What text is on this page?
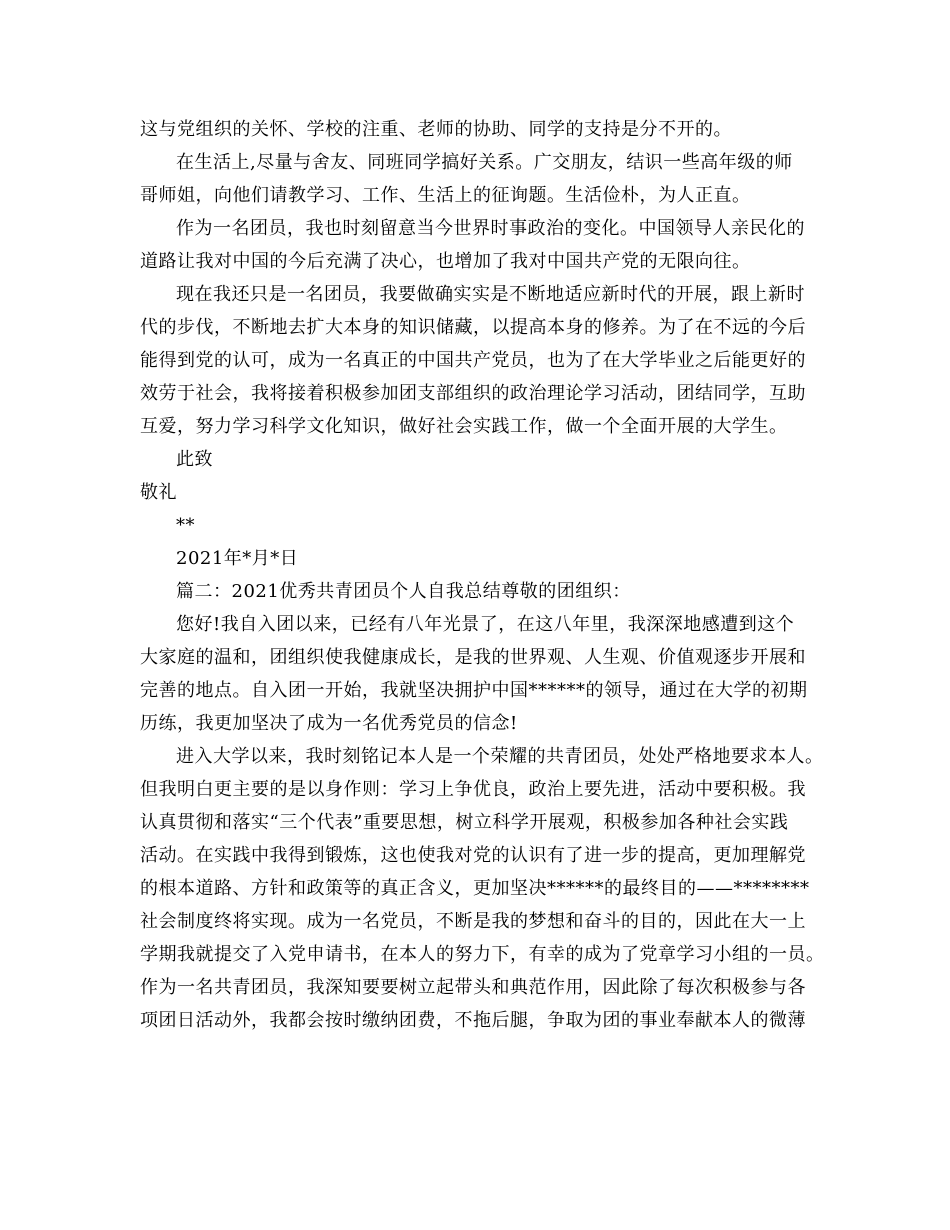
这与党组织的关怀、学校的注重、老师的协助、同学的支持是分不开的。
在生活上,尽量与舍友、同班同学搞好关系。广交朋友，结识一些高年级的师
哥师姐，向他们请教学习、工作、生活上的征询题。生活俭朴，为人正直。
作为一名团员，我也时刻留意当今世界时事政治的变化。中国领导人亲民化的
道路让我对中国的今后充满了决心，也增加了我对中国共产党的无限向往。
现在我还只是一名团员，我要做确实实是不断地适应新时代的开展，跟上新时
代的步伐，不断地去扩大本身的知识储藏，以提高本身的修养。为了在不远的今后
能得到党的认可，成为一名真正的中国共产党员，也为了在大学毕业之后能更好的
效劳于社会，我将接着积极参加团支部组织的政治理论学习活动，团结同学，互助
互爱，努力学习科学文化知识，做好社会实践工作，做一个全面开展的大学生。
此致
敬礼
**
2021年*月*日
篇二：2021优秀共青团员个人自我总结尊敬的团组织：
您好!我自入团以来，已经有八年光景了，在这八年里，我深深地感遭到这个
大家庭的温和，团组织使我健康成长，是我的世界观、人生观、价值观逐步开展和
完善的地点。自入团一开始，我就坚决拥护中国******的领导，通过在大学的初期
历练，我更加坚决了成为一名优秀党员的信念!
进入大学以来，我时刻铭记本人是一个荣耀的共青团员，处处严格地要求本人。
但我明白更主要的是以身作则：学习上争优良，政治上要先进，活动中要积极。我
认真贯彻和落实“三个代表”重要思想，树立科学开展观，积极参加各种社会实践
活动。在实践中我得到锻炼，这也使我对党的认识有了进一步的提高，更加理解党
的根本道路、方针和政策等的真正含义，更加坚决******的最终目的——********
社会制度终将实现。成为一名党员，不断是我的梦想和奋斗的目的，因此在大一上
学期我就提交了入党申请书，在本人的努力下，有幸的成为了党章学习小组的一员。
作为一名共青团员，我深知要要树立起带头和典范作用，因此除了每次积极参与各
项团日活动外，我都会按时缴纳团费，不拖后腿，争取为团的事业奉献本人的微薄
